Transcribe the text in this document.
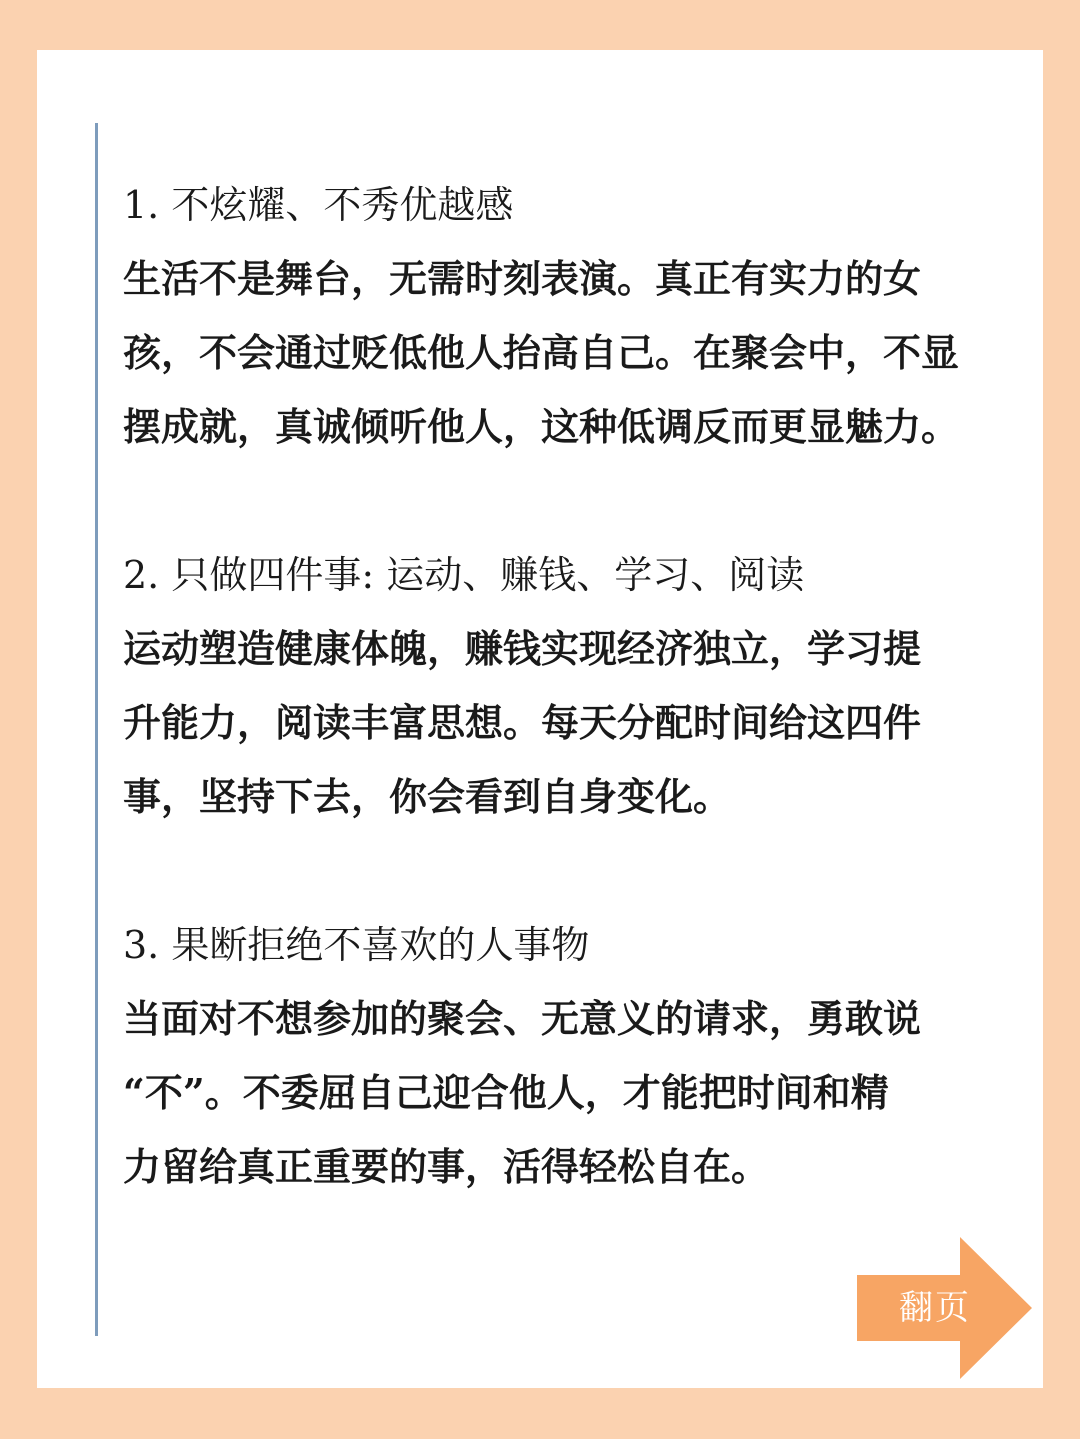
1. 不炫耀、不秀优越感

生活不是舞台，无需时刻表演。真正有实力的女

孩，不会通过贬低他人抬高自己。在聚会中，不显

摆成就，真诚倾听他人，这种低调反而更显魅力。

2. 只做四件事: 运动、赚钱、学习、阅读

运动塑造健康体魄，赚钱实现经济独立，学习提

升能力，阅读丰富思想。每天分配时间给这四件

事，坚持下去，你会看到自身变化。

3. 果断拒绝不喜欢的人事物

当面对不想参加的聚会、无意义的请求，勇敢说

“不”。不委屈自己迎合他人，才能把时间和精

力留给真正重要的事，活得轻松自在。

翻页
